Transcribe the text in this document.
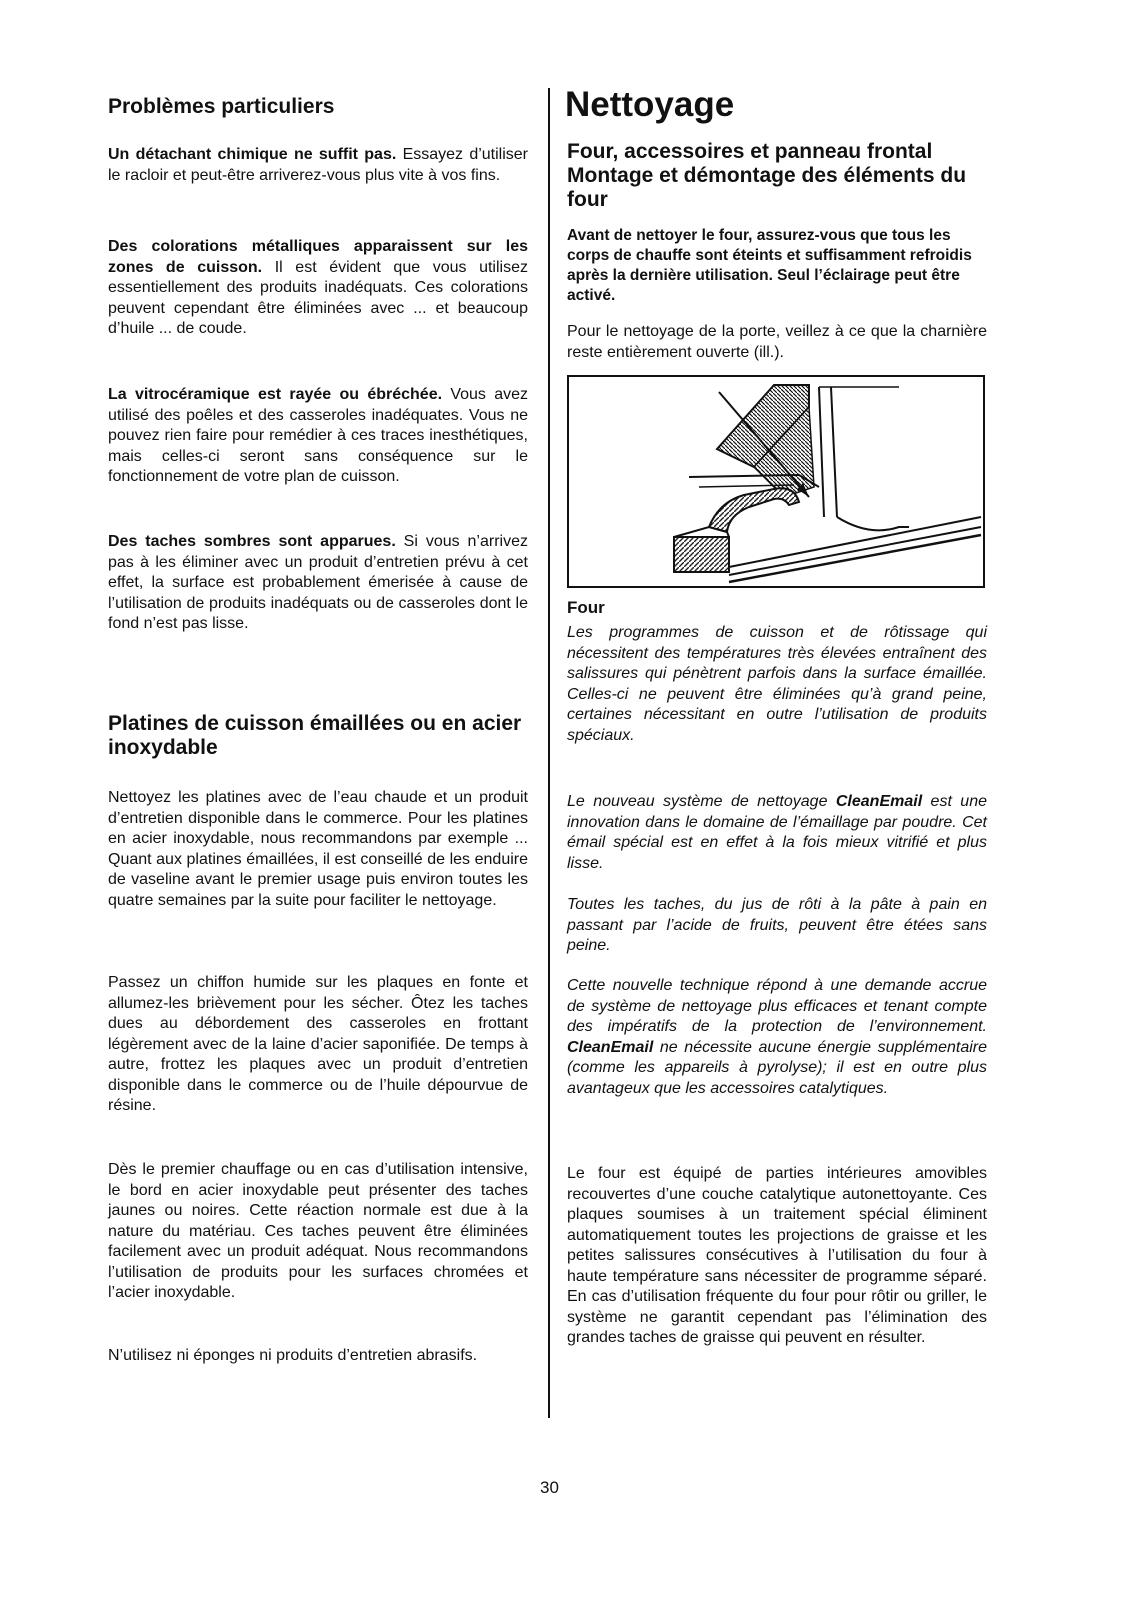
Problèmes particuliers

Un détachant chimique ne suffit pas. Essayez d’utiliser le racloir et peut-être arriverez-vous plus vite à vos fins.

Des colorations métalliques apparaissent sur les zones de cuisson. Il est évident que vous utilisez essentiellement des produits inadéquats. Ces colorations peuvent cependant être éliminées avec ... et beaucoup d’huile ... de coude.

La vitrocéramique est rayée ou ébréchée. Vous avez utilisé des poêles et des casseroles inadéquates. Vous ne pouvez rien faire pour remédier à ces traces inesthétiques, mais celles-ci seront sans conséquence sur le fonctionnement de votre plan de cuisson.

Des taches sombres sont apparues. Si vous n’arrivez pas à les éliminer avec un produit d’entretien prévu à cet effet, la surface est probablement émerisée à cause de l’utilisation de produits inadéquats ou de casseroles dont le fond n’est pas lisse.

Platines de cuisson émaillées ou en acier inoxydable

Nettoyez les platines avec de l’eau chaude et un produit d’entretien disponible dans le commerce. Pour les platines en acier inoxydable, nous recommandons par exemple ... Quant aux platines émaillées, il est conseillé de les enduire de vaseline avant le premier usage puis environ toutes les quatre semaines par la suite pour faciliter le nettoyage.

Passez un chiffon humide sur les plaques en fonte et allumez-les brièvement pour les sécher. Ôtez les taches dues au débordement des casseroles en frottant légèrement avec de la laine d’acier saponifiée. De temps à autre, frottez les plaques avec un produit d’entretien disponible dans le commerce ou de l’huile dépourvue de résine.

Dès le premier chauffage ou en cas d’utilisation intensive, le bord en acier inoxydable peut présenter des taches jaunes ou noires. Cette réaction normale est due à la nature du matériau. Ces taches peuvent être éliminées facilement avec un produit adéquat. Nous recommandons l’utilisation de produits pour les surfaces chromées et l’acier inoxydable.

N’utilisez ni éponges ni produits d’entretien abrasifs.

Nettoyage
Four, accessoires et panneau frontal Montage et démontage des éléments du four

Avant de nettoyer le four, assurez-vous que tous les corps de chauffe sont éteints et suffisamment refroidis après la dernière utilisation. Seul l’éclairage peut être activé.

Pour le nettoyage de la porte, veillez à ce que la charnière reste entièrement ouverte (ill.).

Four

Les programmes de cuisson et de rôtissage qui nécessitent des températures très élevées entraînent des salissures qui pénètrent parfois dans la surface émaillée. Celles-ci ne peuvent être éliminées qu’à grand peine, certaines nécessitant en outre l’utilisation de produits spéciaux.

Le nouveau système de nettoyage CleanEmail est une innovation dans le domaine de l’émaillage par poudre. Cet émail spécial est en effet à la fois mieux vitrifié et plus lisse.

Toutes les taches, du jus de rôti à la pâte à pain en passant par l’acide de fruits, peuvent être étées sans peine.

Cette nouvelle technique répond à une demande accrue de système de nettoyage plus efficaces et tenant compte des impératifs de la protection de l’environnement. CleanEmail ne nécessite aucune énergie supplémentaire (comme les appareils à pyrolyse); il est en outre plus avantageux que les accessoires catalytiques.

Le four est équipé de parties intérieures amovibles recouvertes d’une couche catalytique autonettoyante. Ces plaques soumises à un traitement spécial éliminent automatiquement toutes les projections de graisse et les petites salissures consécutives à l’utilisation du four à haute température sans nécessiter de programme séparé. En cas d’utilisation fréquente du four pour rôtir ou griller, le système ne garantit cependant pas l’élimination des grandes taches de graisse qui peuvent en résulter.

30
